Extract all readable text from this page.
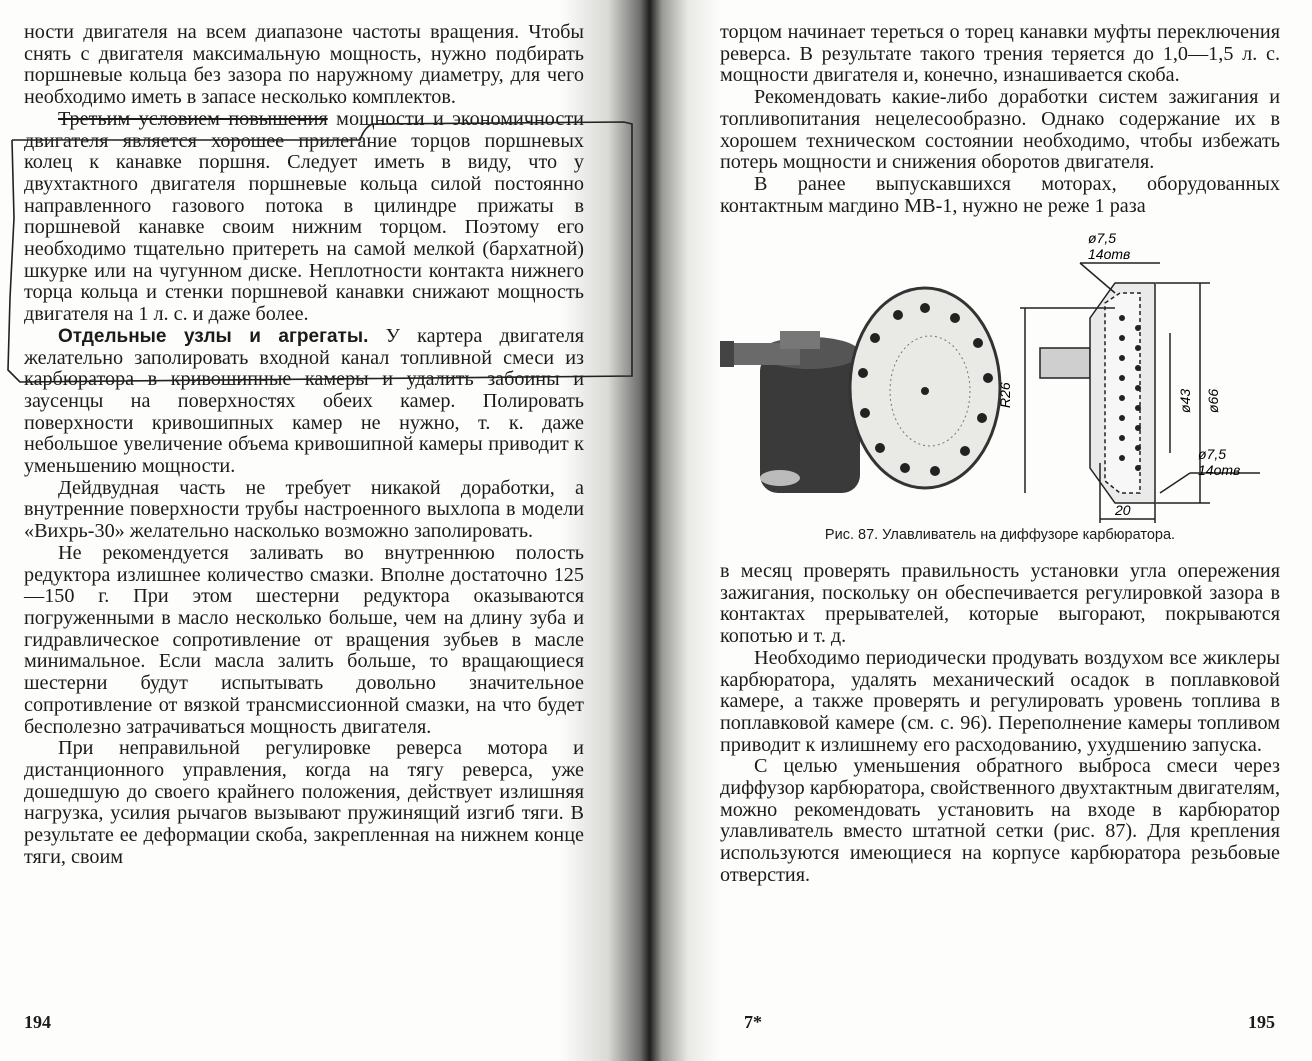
ности двигателя на всем диапазоне частоты вращения. Чтобы снять с двигателя максимальную мощность, нужно подбирать поршневые кольца без зазора по наружному диаметру, для чего необходимо иметь в запасе несколько комплектов.

Третьим условием повышения мощности и экономичности двигателя является хорошее прилегание торцов поршневых колец к канавке поршня. Следует иметь в виду, что у двухтактного двигателя поршневые кольца силой постоянно направленного газового потока в цилиндре прижаты в поршневой канавке своим нижним торцом. Поэтому его необходимо тщательно притереть на самой мелкой (бархатной) шкурке или на чугунном диске. Неплотности контакта нижнего торца кольца и стенки поршневой канавки снижают мощность двигателя на 1 л. с. и даже более.

Отдельные узлы и агрегаты. У картера двигателя желательно заполировать входной канал топливной смеси из карбюратора в кривошипные камеры и удалить забоины и заусенцы на поверхностях обеих камер. Полировать поверхности кривошипных камер не нужно, т. к. даже небольшое увеличение объема кривошипной камеры приводит к уменьшению мощности.

Дейдвудная часть не требует никакой доработки, а внутренние поверхности трубы настроенного выхлопа в модели «Вихрь-30» желательно насколько возможно заполировать.

Не рекомендуется заливать во внутреннюю полость редуктора излишнее количество смазки. Вполне достаточно 125—150 г. При этом шестерни редуктора оказываются погруженными в масло несколько больше, чем на длину зуба и гидравлическое сопротивление от вращения зубьев в масле минимальное. Если масла залить больше, то вращающиеся шестерни будут испытывать довольно значительное сопротивление от вязкой трансмиссионной смазки, на что будет бесполезно затрачиваться мощность двигателя.

При неправильной регулировке реверса мотора и дистанционного управления, когда на тягу реверса, уже дошедшую до своего крайнего положения, действует излишняя нагрузка, усилия рычагов вызывают пружинящий изгиб тяги. В результате ее деформации скоба, закрепленная на нижнем конце тяги, своим

торцом начинает тереться о торец канавки муфты переключения реверса. В результате такого трения теряется до 1,0—1,5 л. с. мощности двигателя и, конечно, изнашивается скоба.

Рекомендовать какие-либо доработки систем зажигания и топливопитания нецелесообразно. Однако содержание их в хорошем техническом состоянии необходимо, чтобы избежать потерь мощности и снижения оборотов двигателя.

В ранее выпускавшихся моторах, оборудованных контактным магдино МВ-1, нужно не реже 1 раза

ø7,5
14отв
R26	ø43 ø66
20
ø7,5
14отв
Рис. 87. Улавливатель на диффузоре карбюратора.

в месяц проверять правильность установки угла опережения зажигания, поскольку он обеспечивается регулировкой зазора в контактах прерывателей, которые выгорают, покрываются копотью и т. д.

Необходимо периодически продувать воздухом все жиклеры карбюратора, удалять механический осадок в поплавковой камере, а также проверять и регулировать уровень топлива в поплавковой камере (см. с. 96). Переполнение камеры топливом приводит к излишнему его расходованию, ухудшению запуска.

С целью уменьшения обратного выброса смеси через диффузор карбюратора, свойственного двухтактным двигателям, можно рекомендовать установить на входе в карбюратор улавливатель вместо штатной сетки (рис. 87). Для крепления используются имеющиеся на корпусе карбюратора резьбовые отверстия.

194	7*	195
